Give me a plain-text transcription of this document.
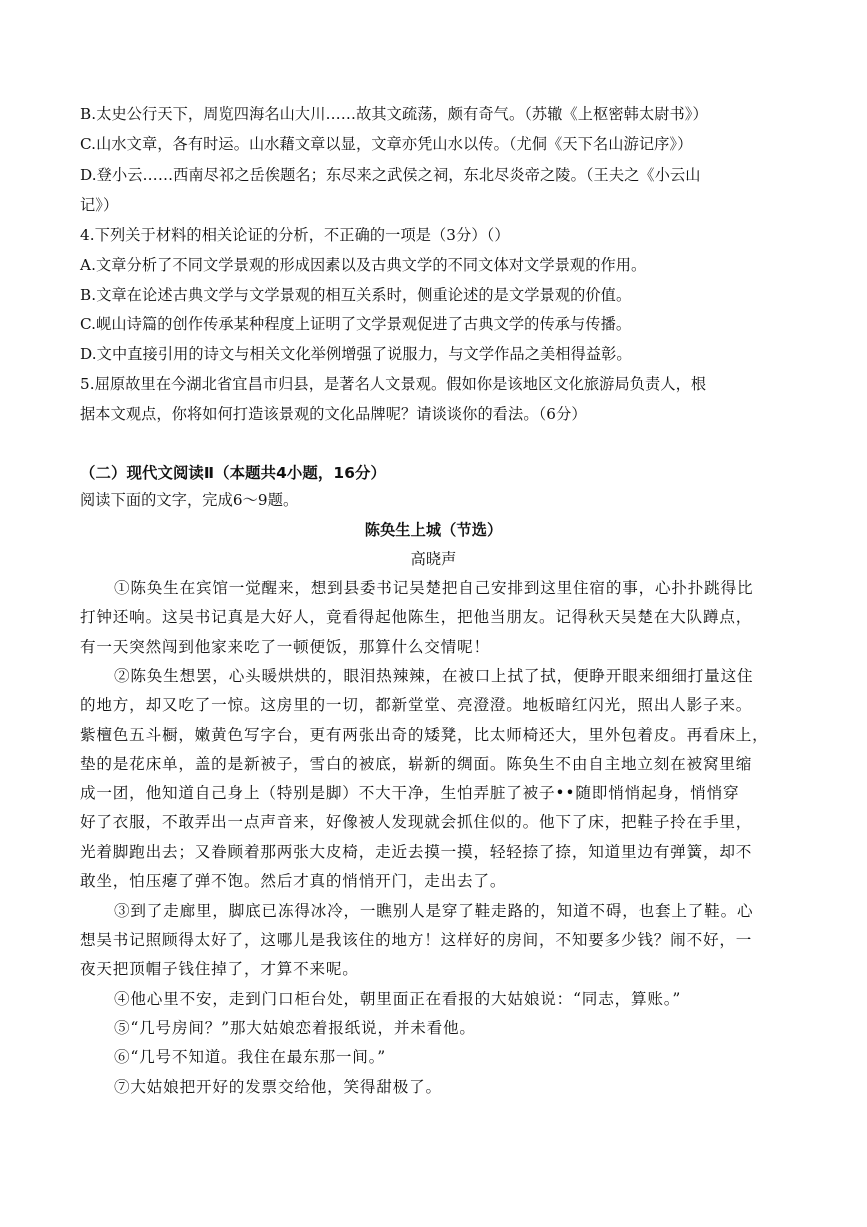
B.太史公行天下，周览四海名山大川……故其文疏荡，颇有奇气。（苏辙《上枢密韩太尉书》）
C.山水文章，各有时运。山水藉文章以显，文章亦凭山水以传。（尤侗《天下名山游记序》）
D.登小云……西南尽祁之岳俟题名；东尽来之武侯之祠，东北尽炎帝之陵。（王夫之《小云山
记》）
4.下列关于材料的相关论证的分析，不正确的一项是（3分）（）
A.文章分析了不同文学景观的形成因素以及古典文学的不同文体对文学景观的作用。
B.文章在论述古典文学与文学景观的相互关系时，侧重论述的是文学景观的价值。
C.岘山诗篇的创作传承某种程度上证明了文学景观促进了古典文学的传承与传播。
D.文中直接引用的诗文与相关文化举例增强了说服力，与文学作品之美相得益彰。
5.屈原故里在今湖北省宜昌市归县，是著名人文景观。假如你是该地区文化旅游局负责人，根
据本文观点，你将如何打造该景观的文化品牌呢？请谈谈你的看法。（6分）
（二）现代文阅读Ⅱ（本题共4小题，16分）
阅读下面的文字，完成6～9题。
陈奂生上城（节选）
高晓声
①陈奂生在宾馆一觉醒来，想到县委书记吴楚把自己安排到这里住宿的事，心扑扑跳得比
打钟还响。这吴书记真是大好人，竟看得起他陈生，把他当朋友。记得秋天吴楚在大队蹲点，
有一天突然闯到他家来吃了一顿便饭，那算什么交情呢！
②陈奂生想罢，心头暖烘烘的，眼泪热辣辣，在被口上拭了拭，便睁开眼来细细打量这住
的地方，却又吃了一惊。这房里的一切，都新堂堂、亮澄澄。地板暗红闪光，照出人影子来。
紫檀色五斗橱，嫩黄色写字台，更有两张出奇的矮凳，比太师椅还大，里外包着皮。再看床上，
垫的是花床单，盖的是新被子，雪白的被底，崭新的绸面。陈奂生不由自主地立刻在被窝里缩
成一团，他知道自己身上（特别是脚）不大干净，生怕弄脏了被子••随即悄悄起身，悄悄穿
好了衣服，不敢弄出一点声音来，好像被人发现就会抓住似的。他下了床，把鞋子拎在手里，
光着脚跑出去；又眷顾着那两张大皮椅，走近去摸一摸，轻轻捺了捺，知道里边有弹簧，却不
敢坐，怕压瘪了弹不饱。然后才真的悄悄开门，走出去了。
③到了走廊里，脚底已冻得冰冷，一瞧别人是穿了鞋走路的，知道不碍，也套上了鞋。心
想吴书记照顾得太好了，这哪儿是我该住的地方！这样好的房间，不知要多少钱？闹不好，一
夜天把顶帽子钱住掉了，才算不来呢。
④他心里不安，走到门口柜台处，朝里面正在看报的大姑娘说：“同志，算账。”
⑤“几号房间？”那大姑娘恋着报纸说，并未看他。
⑥“几号不知道。我住在最东那一间。”
⑦大姑娘把开好的发票交给他，笑得甜极了。
